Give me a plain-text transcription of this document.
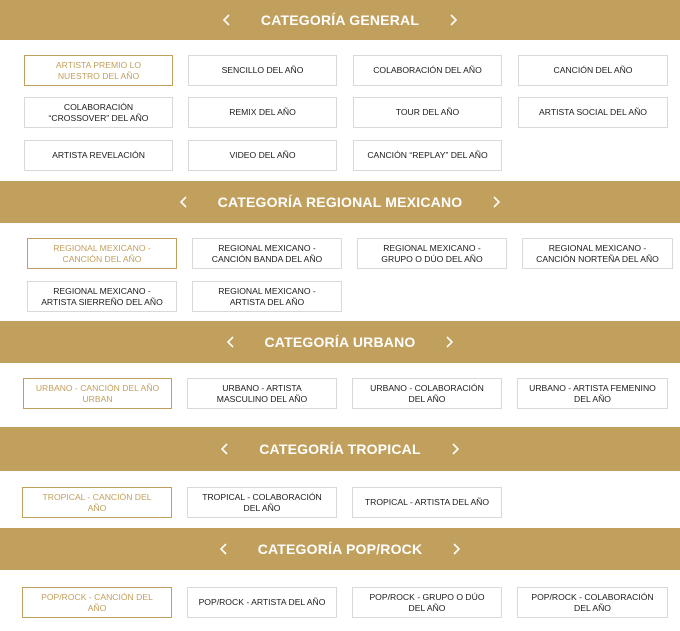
CATEGORÍA GENERAL
ARTISTA PREMIO LO NUESTRO DEL AÑO
SENCILLO DEL AÑO	COLABORACIÓN DEL AÑO	CANCIÓN DEL AÑO
COLABORACIÓN “CROSSOVER” DEL AÑO
REMIX DEL AÑO	TOUR DEL AÑO	ARTISTA SOCIAL DEL AÑO
ARTISTA REVELACIÓN	VIDEO DEL AÑO	CANCIÓN “REPLAY” DEL AÑO
CATEGORÍA REGIONAL MEXICANO
REGIONAL MEXICANO - CANCIÓN DEL AÑO
REGIONAL MEXICANO - CANCIÓN BANDA DEL AÑO
REGIONAL MEXICANO - GRUPO O DÚO DEL AÑO
REGIONAL MEXICANO - CANCIÓN NORTEÑA DEL AÑO
REGIONAL MEXICANO - ARTISTA SIERREÑO DEL AÑO
REGIONAL MEXICANO - ARTISTA DEL AÑO
CATEGORÍA URBANO
URBANO - CANCIÓN DEL AÑO URBAN
URBANO - ARTISTA MASCULINO DEL AÑO
URBANO - COLABORACIÓN DEL AÑO
URBANO - ARTISTA FEMENINO DEL AÑO
CATEGORÍA TROPICAL
TROPICAL - CANCIÓN DEL AÑO
TROPICAL - COLABORACIÓN DEL AÑO
TROPICAL - ARTISTA DEL AÑO
CATEGORÍA POP/ROCK
POP/ROCK - CANCIÓN DEL AÑO
POP/ROCK - ARTISTA DEL AÑO
POP/ROCK - GRUPO O DÚO DEL AÑO
POP/ROCK - COLABORACIÓN DEL AÑO
